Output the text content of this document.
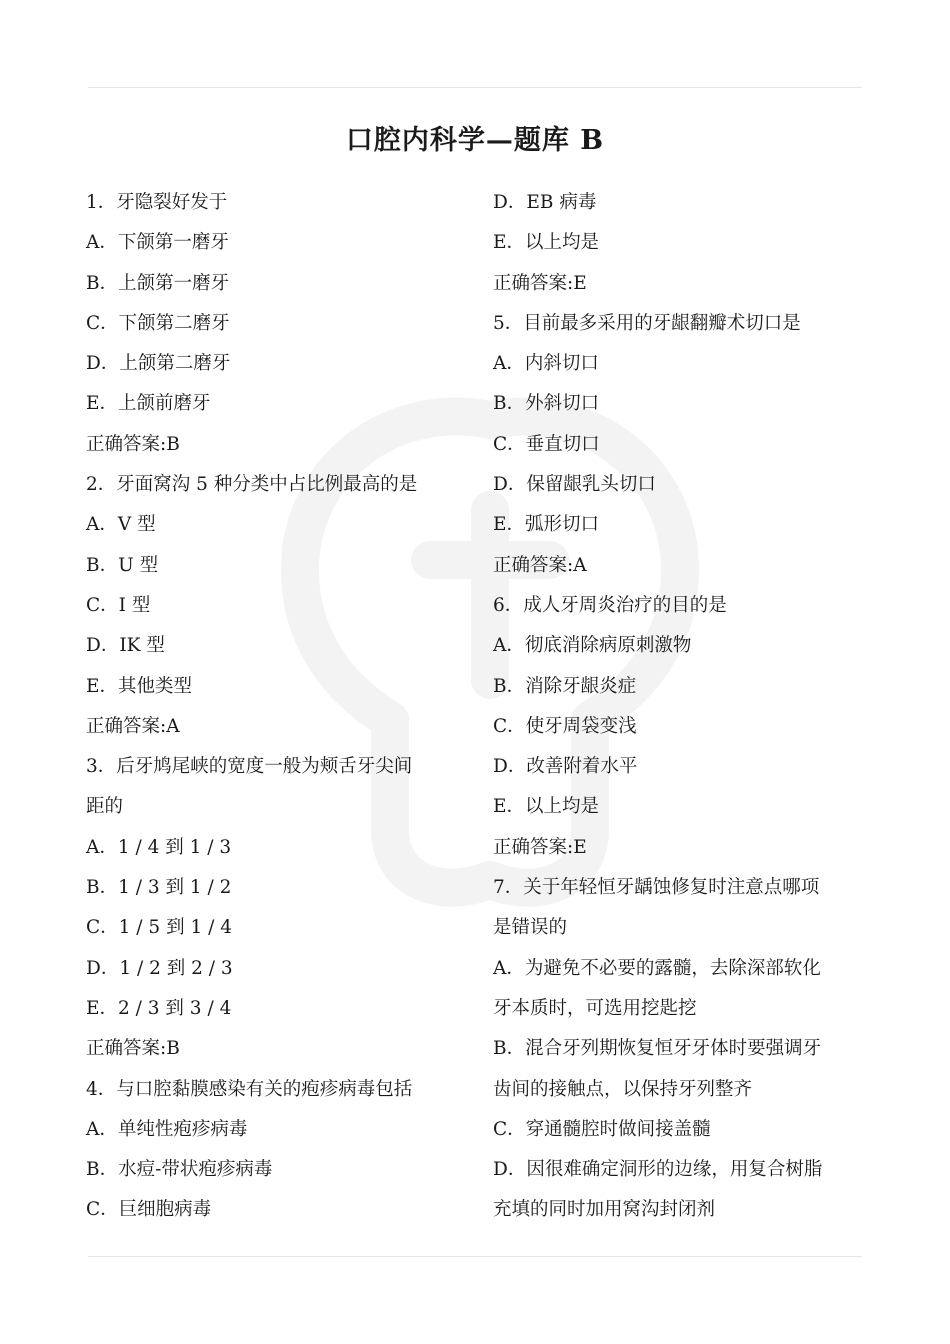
口腔内科学—题库 B
1．牙隐裂好发于
A．下颌第一磨牙
B．上颌第一磨牙
C．下颌第二磨牙
D．上颌第二磨牙
E．上颌前磨牙
正确答案:B
2．牙面窝沟 5 种分类中占比例最高的是
A．V 型
B．U 型
C．I 型
D．IK 型
E．其他类型
正确答案:A
3．后牙鸠尾峡的宽度一般为颊舌牙尖间
距的
A．1 / 4 到 1 / 3
B．1 / 3 到 1 / 2
C．1 / 5 到 1 / 4
D．1 / 2 到 2 / 3
E．2 / 3 到 3 / 4
正确答案:B
4．与口腔黏膜感染有关的疱疹病毒包括
A．单纯性疱疹病毒
B．水痘-带状疱疹病毒
C．巨细胞病毒
D．EB 病毒
E．以上均是
正确答案:E
5．目前最多采用的牙龈翻瓣术切口是
A．内斜切口
B．外斜切口
C．垂直切口
D．保留龈乳头切口
E．弧形切口
正确答案:A
6．成人牙周炎治疗的目的是
A．彻底消除病原刺激物
B．消除牙龈炎症
C．使牙周袋变浅
D．改善附着水平
E．以上均是
正确答案:E
7．关于年轻恒牙龋蚀修复时注意点哪项
是错误的
A．为避免不必要的露髓，去除深部软化
牙本质时，可选用挖匙挖
B．混合牙列期恢复恒牙牙体时要强调牙
齿间的接触点，以保持牙列整齐
C．穿通髓腔时做间接盖髓
D．因很难确定洞形的边缘，用复合树脂
充填的同时加用窝沟封闭剂
